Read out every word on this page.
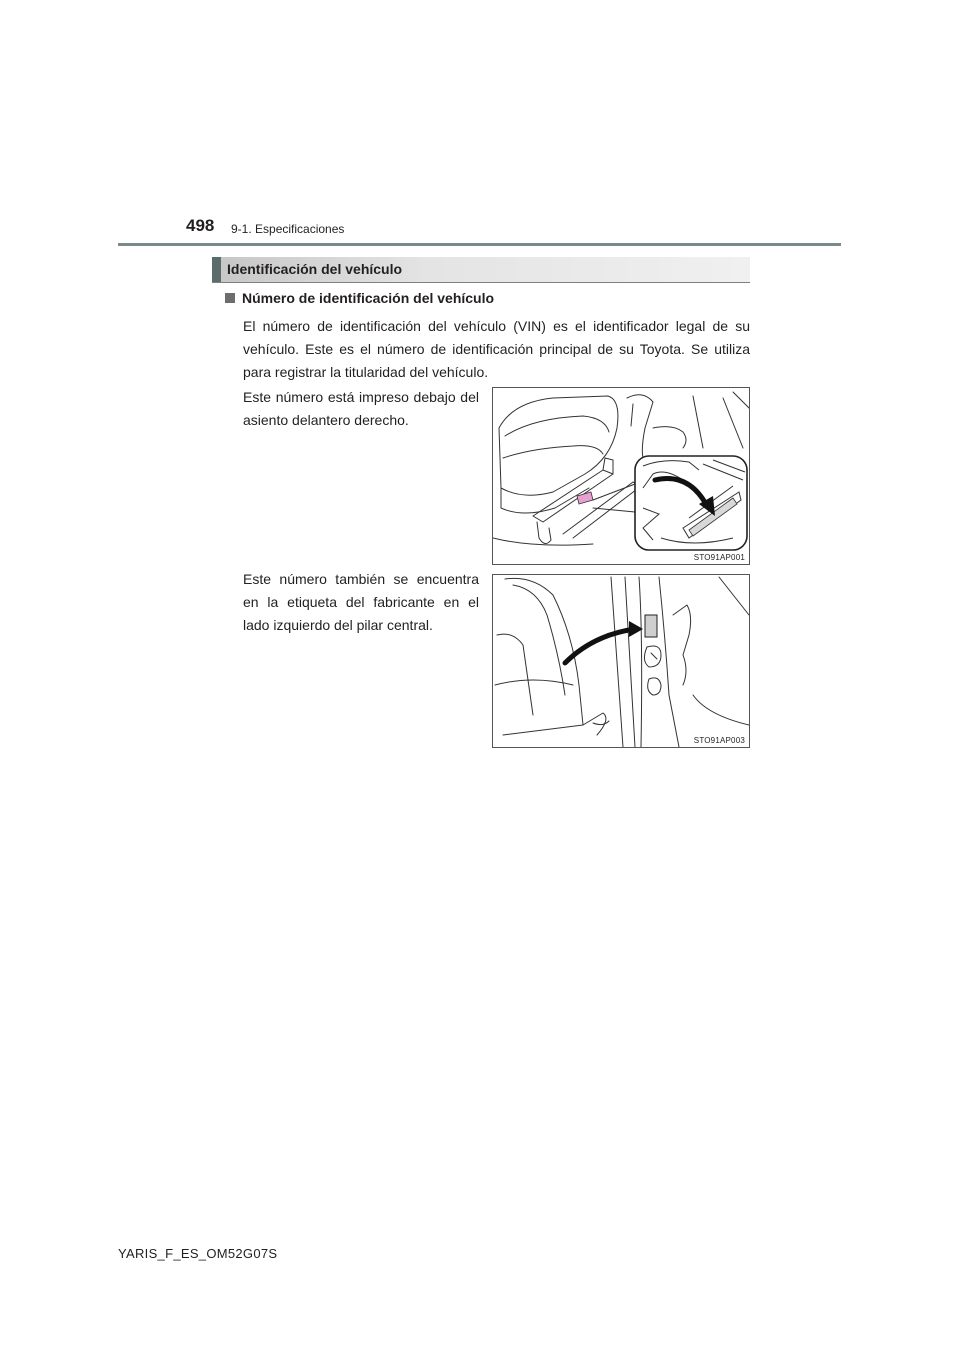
498 9-1. Especificaciones
Identificación del vehículo
Número de identificación del vehículo
El número de identificación del vehículo (VIN) es el identificador legal de su vehículo. Este es el número de identificación principal de su Toyota. Se utiliza para registrar la titularidad del vehículo.
Este número está impreso debajo del asiento delantero derecho.
Este número también se encuentra en la etiqueta del fabricante en el lado izquierdo del pilar central.
STO91AP001
STO91AP003
YARIS_F_ES_OM52G07S
